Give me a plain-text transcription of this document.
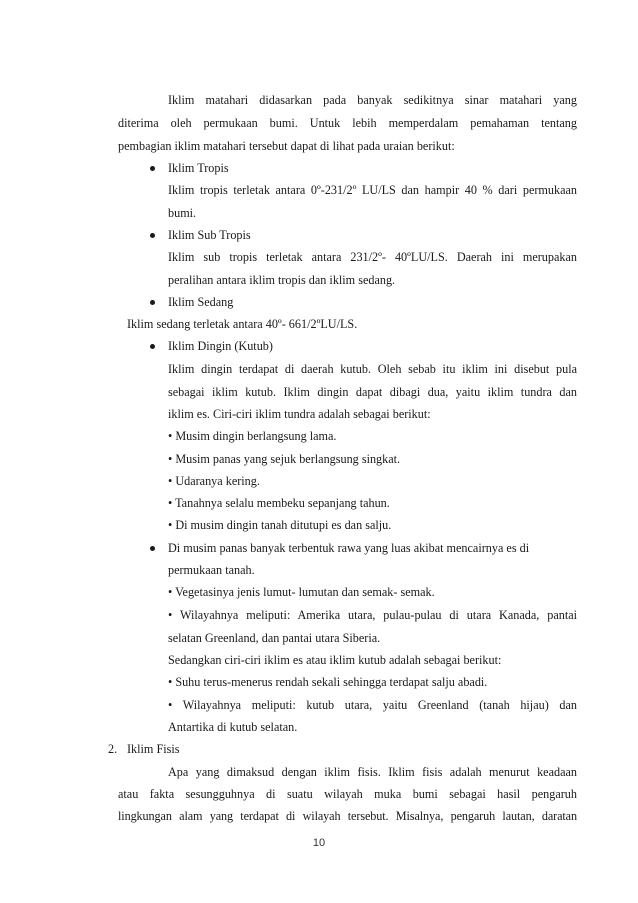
Iklim matahari didasarkan pada banyak sedikitnya sinar matahari yang
diterima oleh permukaan bumi. Untuk lebih memperdalam pemahaman tentang
pembagian iklim matahari tersebut dapat di lihat pada uraian berikut:
Iklim Tropis
Iklim tropis terletak antara 0º-231/2º LU/LS dan hampir 40 % dari permukaan
bumi.
Iklim Sub Tropis
Iklim sub tropis terletak antara 231/2º- 40ºLU/LS. Daerah ini merupakan
peralihan antara iklim tropis dan iklim sedang.
Iklim Sedang
Iklim sedang terletak antara 40º- 661/2ºLU/LS.
Iklim Dingin (Kutub)
Iklim dingin terdapat di daerah kutub. Oleh sebab itu iklim ini disebut pula
sebagai iklim kutub. Iklim dingin dapat dibagi dua, yaitu iklim tundra dan
iklim es. Ciri-ciri iklim tundra adalah sebagai berikut:
• Musim dingin berlangsung lama.
• Musim panas yang sejuk berlangsung singkat.
• Udaranya kering.
• Tanahnya selalu membeku sepanjang tahun.
• Di musim dingin tanah ditutupi es dan salju.
Di musim panas banyak terbentuk rawa yang luas akibat mencairnya es di
permukaan tanah.
• Vegetasinya jenis lumut- lumutan dan semak- semak.
• Wilayahnya meliputi: Amerika utara, pulau-pulau di utara Kanada, pantai
selatan Greenland, dan pantai utara Siberia.
Sedangkan ciri-ciri iklim es atau iklim kutub adalah sebagai berikut:
• Suhu terus-menerus rendah sekali sehingga terdapat salju abadi.
• Wilayahnya meliputi: kutub utara, yaitu Greenland (tanah hijau) dan
Antartika di kutub selatan.
2. Iklim Fisis
Apa yang dimaksud dengan iklim fisis. Iklim fisis adalah menurut keadaan
atau fakta sesungguhnya di suatu wilayah muka bumi sebagai hasil pengaruh
lingkungan alam yang terdapat di wilayah tersebut. Misalnya, pengaruh lautan, daratan
10
